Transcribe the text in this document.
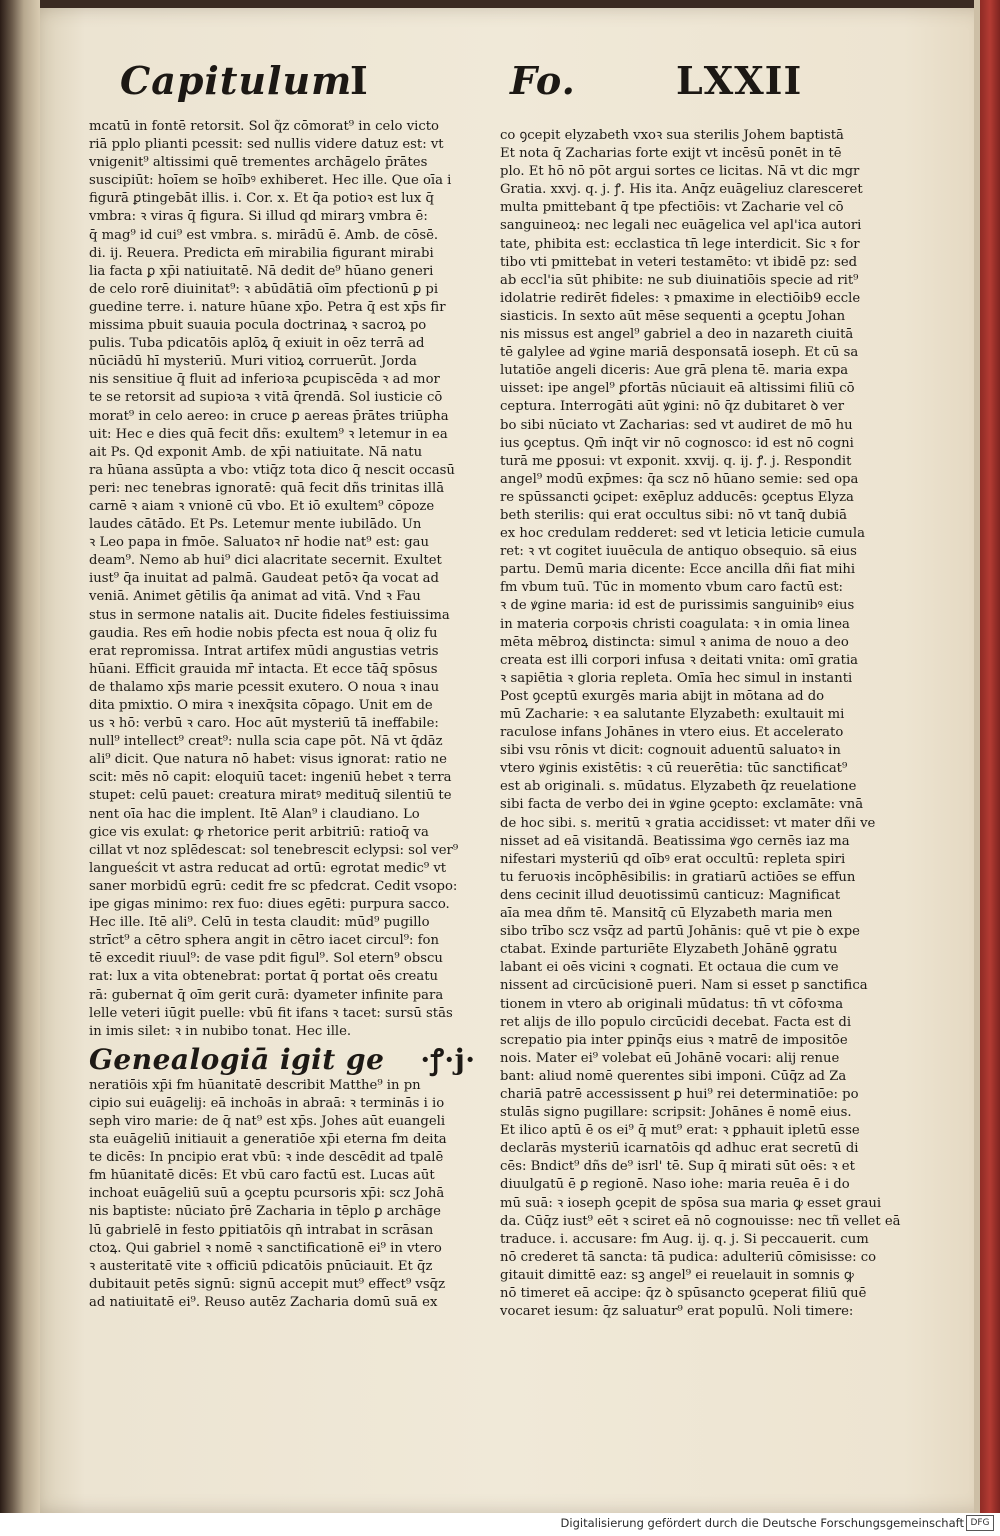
Capitulum
I	Fo.	LXXII
mcatū in fontē retorsit. Sol q̃z cōmorat⁹ in celo victo
riā pplo plianti pcessit: sed nullis videre datuz est: vt
vnigenit⁹ altissimi quē trementes archāgelo p̄rātes
suscipiūt: hoīem se hoībꝰ exhiberet. Hec ille. Que oīa i
figurā ꝑtingebāt illis. i. Cor. x. Et q̄a potioꝛ est lux q̄
vmbra: ꝛ viras q̄ figura. Si illud qd mirarꝫ vmbra ē:
q̄ mag⁹ id cui⁹ est vmbra. s. mirādū ē. Amb. de cōsē.
di. ij. Reuera. Predicta em̄ mirabilia figurant mirabi
lia facta ꝑ xp̄i natiuitatē. Nā dedit de⁹ hūano generi
de celo rorē diuinitat⁹: ꝛ abūdātiā oīm pfectionū ꝑ pi
guedine terre. i. nature hūane xp̄o. Petra q̄ est xp̄s fir
missima pbuit suauia pocula doctrinaꝝ ꝛ sacroꝝ po
pulis. Tuba pdicatōis aplōꝝ q̄ exiuit in oēz terrā ad
nūciādū hī mysteriū. Muri vitioꝝ corruerūt. Jorda
nis sensitiue q̄ fluit ad inferioꝛa ꝑcupiscēda ꝛ ad mor
te se retorsit ad supioꝛa ꝛ vitā q̄rendā. Sol iusticie cō
morat⁹ in celo aereo: in cruce ꝑ aereas p̄rātes triūpha
uit: Hec e dies quā fecit dñs: exultem⁹ ꝛ letemur in ea
ait Ps. Qd exponit Amb. de xp̄i natiuitate. Nā natu
ra hūana assūpta a vbo: vtiq̄z tota dico q̄ nescit occasū
peri: nec tenebras ignoratē: quā fecit dñs trinitas illā
carnē ꝛ aiam ꝛ vnionē cū vbo. Et iō exultem⁹ cōpoze
laudes cātādo. Et Ps. Letemur mente iubilādo. Un
ꝛ Leo papa in fmōe. Saluatoꝛ nr̄ hodie nat⁹ est: gau
deam⁹. Nemo ab hui⁹ dici alacritate secernit. Exultet
iust⁹ q̄a inuitat ad palmā. Gaudeat petōꝛ q̄a vocat ad
veniā. Animet gētilis q̄a animat ad vitā. Vnd ꝛ Fau
stus in sermone natalis ait. Ducite fideles festiuissima
gaudia. Res em̄ hodie nobis pfecta est noua q̄ oliz fu
erat repromissa. Intrat artifex mūdi angustias vetris
hūani. Efficit grauida mr̄ intacta. Et ecce tāq̄ spōsus
de thalamo xp̄s marie pcessit exutero. O noua ꝛ inau
dita pmixtio. O mira ꝛ inexq̄sita cōpago. Unit em de
us ꝛ hō: verbū ꝛ caro. Hoc aūt mysteriū tā ineffabile:
null⁹ intellect⁹ creat⁹: nulla scia cape pōt. Nā vt q̄dāz
ali⁹ dicit. Que natura nō habet: visus ignorat: ratio ne
scit: mēs nō capit: eloquiū tacet: ingeniū hebet ꝛ terra
stupet: celū pauet: creatura miratꝰ medituq̄ silentiū te
nent oīa hac die implent. Itē Alan⁹ i claudiano. Lo
gice vis exulat: ꝙ rhetorice perit arbitriū: ratioq̄ va
cillat vt noz splēdescat: sol tenebrescit eclypsi: sol ver⁹
langueścit vt astra reducat ad ortū: egrotat medic⁹ vt
saner morbidū egrū: cedit fre sc pfedcrat. Cedit vsopo:
ipe gigas minimo: rex fuo: diues egēti: purpura sacco.
Hec ille. Itē ali⁹. Celū in testa claudit: mūd⁹ pugillo
strīct⁹ a cētro sphera angit in cētro iacet circul⁹: fon
tē excedit riuul⁹: de vase pdit figul⁹. Sol etern⁹ obscu
rat: lux a vita obtenebrat: portat q̄ portat oēs creatu
rā: gubernat q̄ oīm gerit curā: dyameter infinite para
lelle veteri iūgit puelle: vbū fit ifans ꝛ tacet: sursū stās
in imis silet: ꝛ in nubibo tonat. Hec ille.
Genealogiā igit ge ·ꝭ·j·
neratiōis xp̄i fm hūanitatē describit Matthe⁹ in pn
cipio sui euāgelij: eā inchoās in abraā: ꝛ terminās i io
seph viro marie: de q̄ nat⁹ est xp̄s. Johes aūt euangeli
sta euāgeliū initiauit a generatiōe xp̄i eterna fm deita
te dicēs: In pncipio erat vbū: ꝛ inde descēdit ad tpalē
fm hūanitatē dicēs: Et vbū caro factū est. Lucas aūt
inchoat euāgeliū suū a ꝯceptu pcursoris xp̄i: scz Johā
nis baptiste: nūciato p̄rē Zacharia in tēplo ꝑ archāge
lū gabrielē in festo ꝑpitiatōis qn̄ intrabat in scrāsan
ctoꝝ. Qui gabriel ꝛ nomē ꝛ sanctificationē ei⁹ in vtero
ꝛ austeritatē vite ꝛ officiū pdicatōis pnūciauit. Et q̄z
dubitauit petēs signū: signū accepit mut⁹ effect⁹ vsq̄z
ad natiuitatē ei⁹. Reuso autēz Zacharia domū suā ex
co ꝯcepit elyzabeth vxoꝛ sua sterilis Johem baptistā
Et nota q̄ Zacharias forte exijt vt incēsū ponēt in tē
plo. Et hō nō pōt argui sortes ce licitas. Nā vt dic mgr
Gratia. xxvj. q. j. ꝭ. His ita. Anq̄z euāgeliuz claresceret
multa pmittebant q̄ tpe pfectiōis: vt Zacharie vel cō
sanguineoꝝ: nec legali nec euāgelica vel apl'ica autori
tate, phibita est: ecclastica tn̄ lege interdicit. Sic ꝛ for
tibo vti pmittebat in veteri testamēto: vt ibidē pz: sed
ab eccl'ia sūt phibite: ne sub diuinatiōis specie ad rit⁹
idolatrie redirēt fideles: ꝛ pmaxime in electiōib9 eccle
siasticis. In sexto aūt mēse sequenti a ꝯceptu Johan
nis missus est angel⁹ gabriel a deo in nazareth ciuitā
tē galylee ad ꝟgine mariā desponsatā ioseph. Et cū sa
lutatiōe angeli diceris: Aue grā plena tē. maria expa
uisset: ipe angel⁹ ꝑfortās nūciauit eā altissimi filiū cō
ceptura. Interrogāti aūt ꝟgini: nō q̄z dubitaret ꝺ ver
bo sibi nūciato vt Zacharias: sed vt audiret de mō hu
ius ꝯceptus. Qm̄ inq̄t vir nō cognosco: id est nō cogni
turā me ꝑposui: vt exponit. xxvij. q. ij. ꝭ. j. Respondit
angel⁹ modū exp̄mes: q̄a scz nō hūano semie: sed opa
re spūssancti ꝯcipet: exēpluz adducēs: ꝯceptus Elyza
beth sterilis: qui erat occultus sibi: nō vt tanq̄ dubiā
ex hoc credulam redderet: sed vt leticia leticie cumula
ret: ꝛ vt cogitet iuuēcula de antiquo obsequio. sā eius
partu. Demū maria dicente: Ecce ancilla dñi fiat mihi
fm vbum tuū. Tūc in momento vbum caro factū est:
ꝛ de ꝟgine maria: id est de purissimis sanguinibꝰ eius
in materia corpoꝛis christi coagulata: ꝛ in omia linea
mēta mēbroꝝ distincta: simul ꝛ anima de nouo a deo
creata est illi corpori infusa ꝛ deitati vnita: omī gratia
ꝛ sapiētia ꝛ gloria repleta. Omīa hec simul in instanti
Post ꝯceptū exurgēs maria abijt in mōtana ad do
mū Zacharie: ꝛ ea salutante Elyzabeth: exultauit mi
raculose infans Johānes in vtero eius. Et accelerato
sibi vsu rōnis vt dicit: cognouit aduentū saluatoꝛ in
vtero ꝟginis existētis: ꝛ cū reuerētia: tūc sanctificat⁹
est ab originali. s. mūdatus. Elyzabeth q̄z reuelatione
sibi facta de verbo dei in ꝟgine ꝯcepto: exclamāte: vnā
de hoc sibi. s. meritū ꝛ gratia accidisset: vt mater dñi ve
nisset ad eā visitandā. Beatissima ꝟgo cernēs iaz ma
nifestari mysteriū qd oībꝰ erat occultū: repleta spiri
tu feruoꝛis incōphēsibilis: in gratiarū actiōes se effun
dens cecinit illud deuotissimū canticuz: Magnificat
aīa mea dñm tē. Mansitq̄ cū Elyzabeth maria men
sibo trībo scz vsq̄z ad partū Johānis: quē vt pie ꝺ expe
ctabat. Exinde parturiēte Elyzabeth Johānē ꝯgratu
labant ei oēs vicini ꝛ cognati. Et octaua die cum ve
nissent ad circūcisionē pueri. Nam si esset p sanctifica
tionem in vtero ab originali mūdatus: tn̄ vt cōfoꝛma
ret alijs de illo populo circūcidi decebat. Facta est di
screpatio pia inter ꝑpinq̄s eius ꝛ matrē de impositōe
nois. Mater ei⁹ volebat eū Johānē vocari: alij renue
bant: aliud nomē querentes sibi imponi. Cūq̄z ad Za
chariā patrē accessissent ꝑ hui⁹ rei determinatiōe: po
stulās signo pugillare: scripsit: Johānes ē nomē eius.
Et ilico aptū ē os ei⁹ q̄ mut⁹ erat: ꝛ ꝑphauit ipletū esse
declarās mysteriū icarnatōis qd adhuc erat secretū di
cēs: Bndict⁹ dñs de⁹ isrl' tē. Sup q̄ mirati sūt oēs: ꝛ et
diuulgatū ē ꝑ regionē. Naso iohe: maria reuēa ē i do
mū suā: ꝛ ioseph ꝯcepit de spōsa sua maria ꝙ esset graui
da. Cūq̄z iust⁹ eēt ꝛ sciret eā nō cognouisse: nec tñ vellet eā
traduce. i. accusare: fm Aug. ij. q. j. Si peccauerit. cum
nō crederet tā sancta: tā pudica: adulteriū cōmisisse: co
gitauit dimittē eaz: sꝫ angel⁹ ei reuelauit in somnis ꝙ
nō timeret eā accipe: q̄z ꝺ spūsancto ꝯceperat filiū quē
vocaret iesum: q̄z saluatur⁹ erat populū. Noli timere:
Digitalisierung gefördert durch die Deutsche Forschungsgemeinschaft DFG
